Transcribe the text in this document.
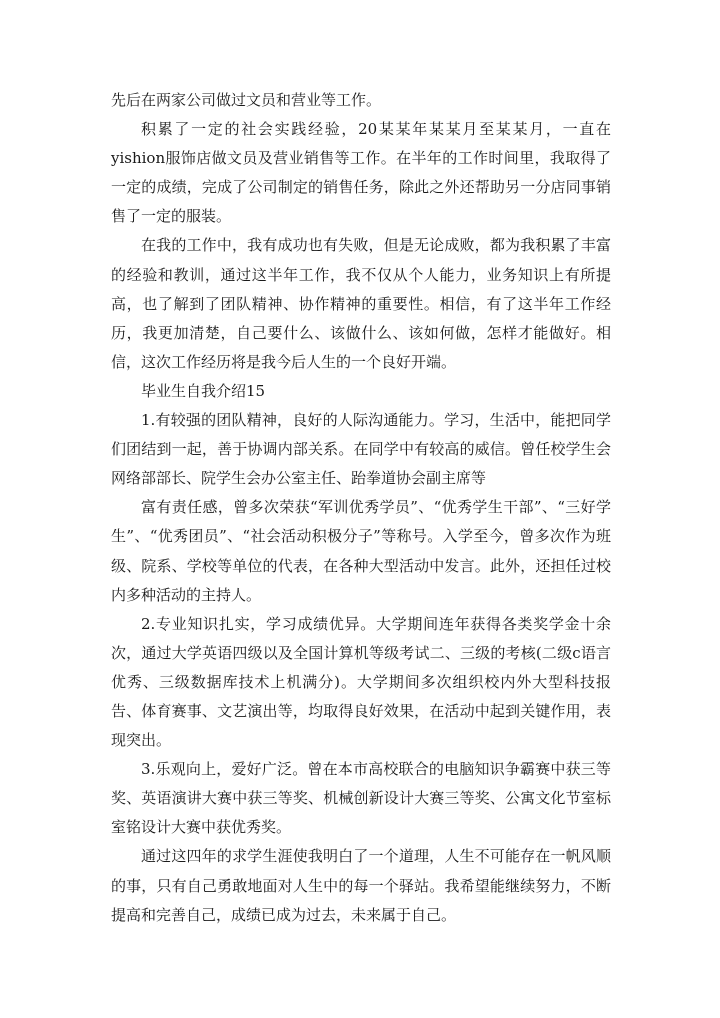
先后在两家公司做过文员和营业等工作。

积累了一定的社会实践经验，20某某年某某月至某某月，一直在yishion服饰店做文员及营业销售等工作。在半年的工作时间里，我取得了一定的成绩，完成了公司制定的销售任务，除此之外还帮助另一分店同事销售了一定的服装。

在我的工作中，我有成功也有失败，但是无论成败，都为我积累了丰富的经验和教训，通过这半年工作，我不仅从个人能力，业务知识上有所提高，也了解到了团队精神、协作精神的重要性。相信，有了这半年工作经历，我更加清楚，自己要什么、该做什么、该如何做，怎样才能做好。相信，这次工作经历将是我今后人生的一个良好开端。

毕业生自我介绍15

1.有较强的团队精神，良好的人际沟通能力。学习，生活中，能把同学们团结到一起，善于协调内部关系。在同学中有较高的威信。曾任校学生会网络部部长、院学生会办公室主任、跆拳道协会副主席等

富有责任感，曾多次荣获“军训优秀学员”、“优秀学生干部”、“三好学生”、“优秀团员”、“社会活动积极分子”等称号。入学至今，曾多次作为班级、院系、学校等单位的代表，在各种大型活动中发言。此外，还担任过校内多种活动的主持人。

2.专业知识扎实，学习成绩优异。大学期间连年获得各类奖学金十余次，通过大学英语四级以及全国计算机等级考试二、三级的考核(二级c语言优秀、三级数据库技术上机满分)。大学期间多次组织校内外大型科技报告、体育赛事、文艺演出等，均取得良好效果，在活动中起到关键作用，表现突出。

3.乐观向上，爱好广泛。曾在本市高校联合的电脑知识争霸赛中获三等奖、英语演讲大赛中获三等奖、机械创新设计大赛三等奖、公寓文化节室标室铭设计大赛中获优秀奖。

通过这四年的求学生涯使我明白了一个道理，人生不可能存在一帆风顺的事，只有自己勇敢地面对人生中的每一个驿站。我希望能继续努力，不断提高和完善自己，成绩已成为过去，未来属于自己。
